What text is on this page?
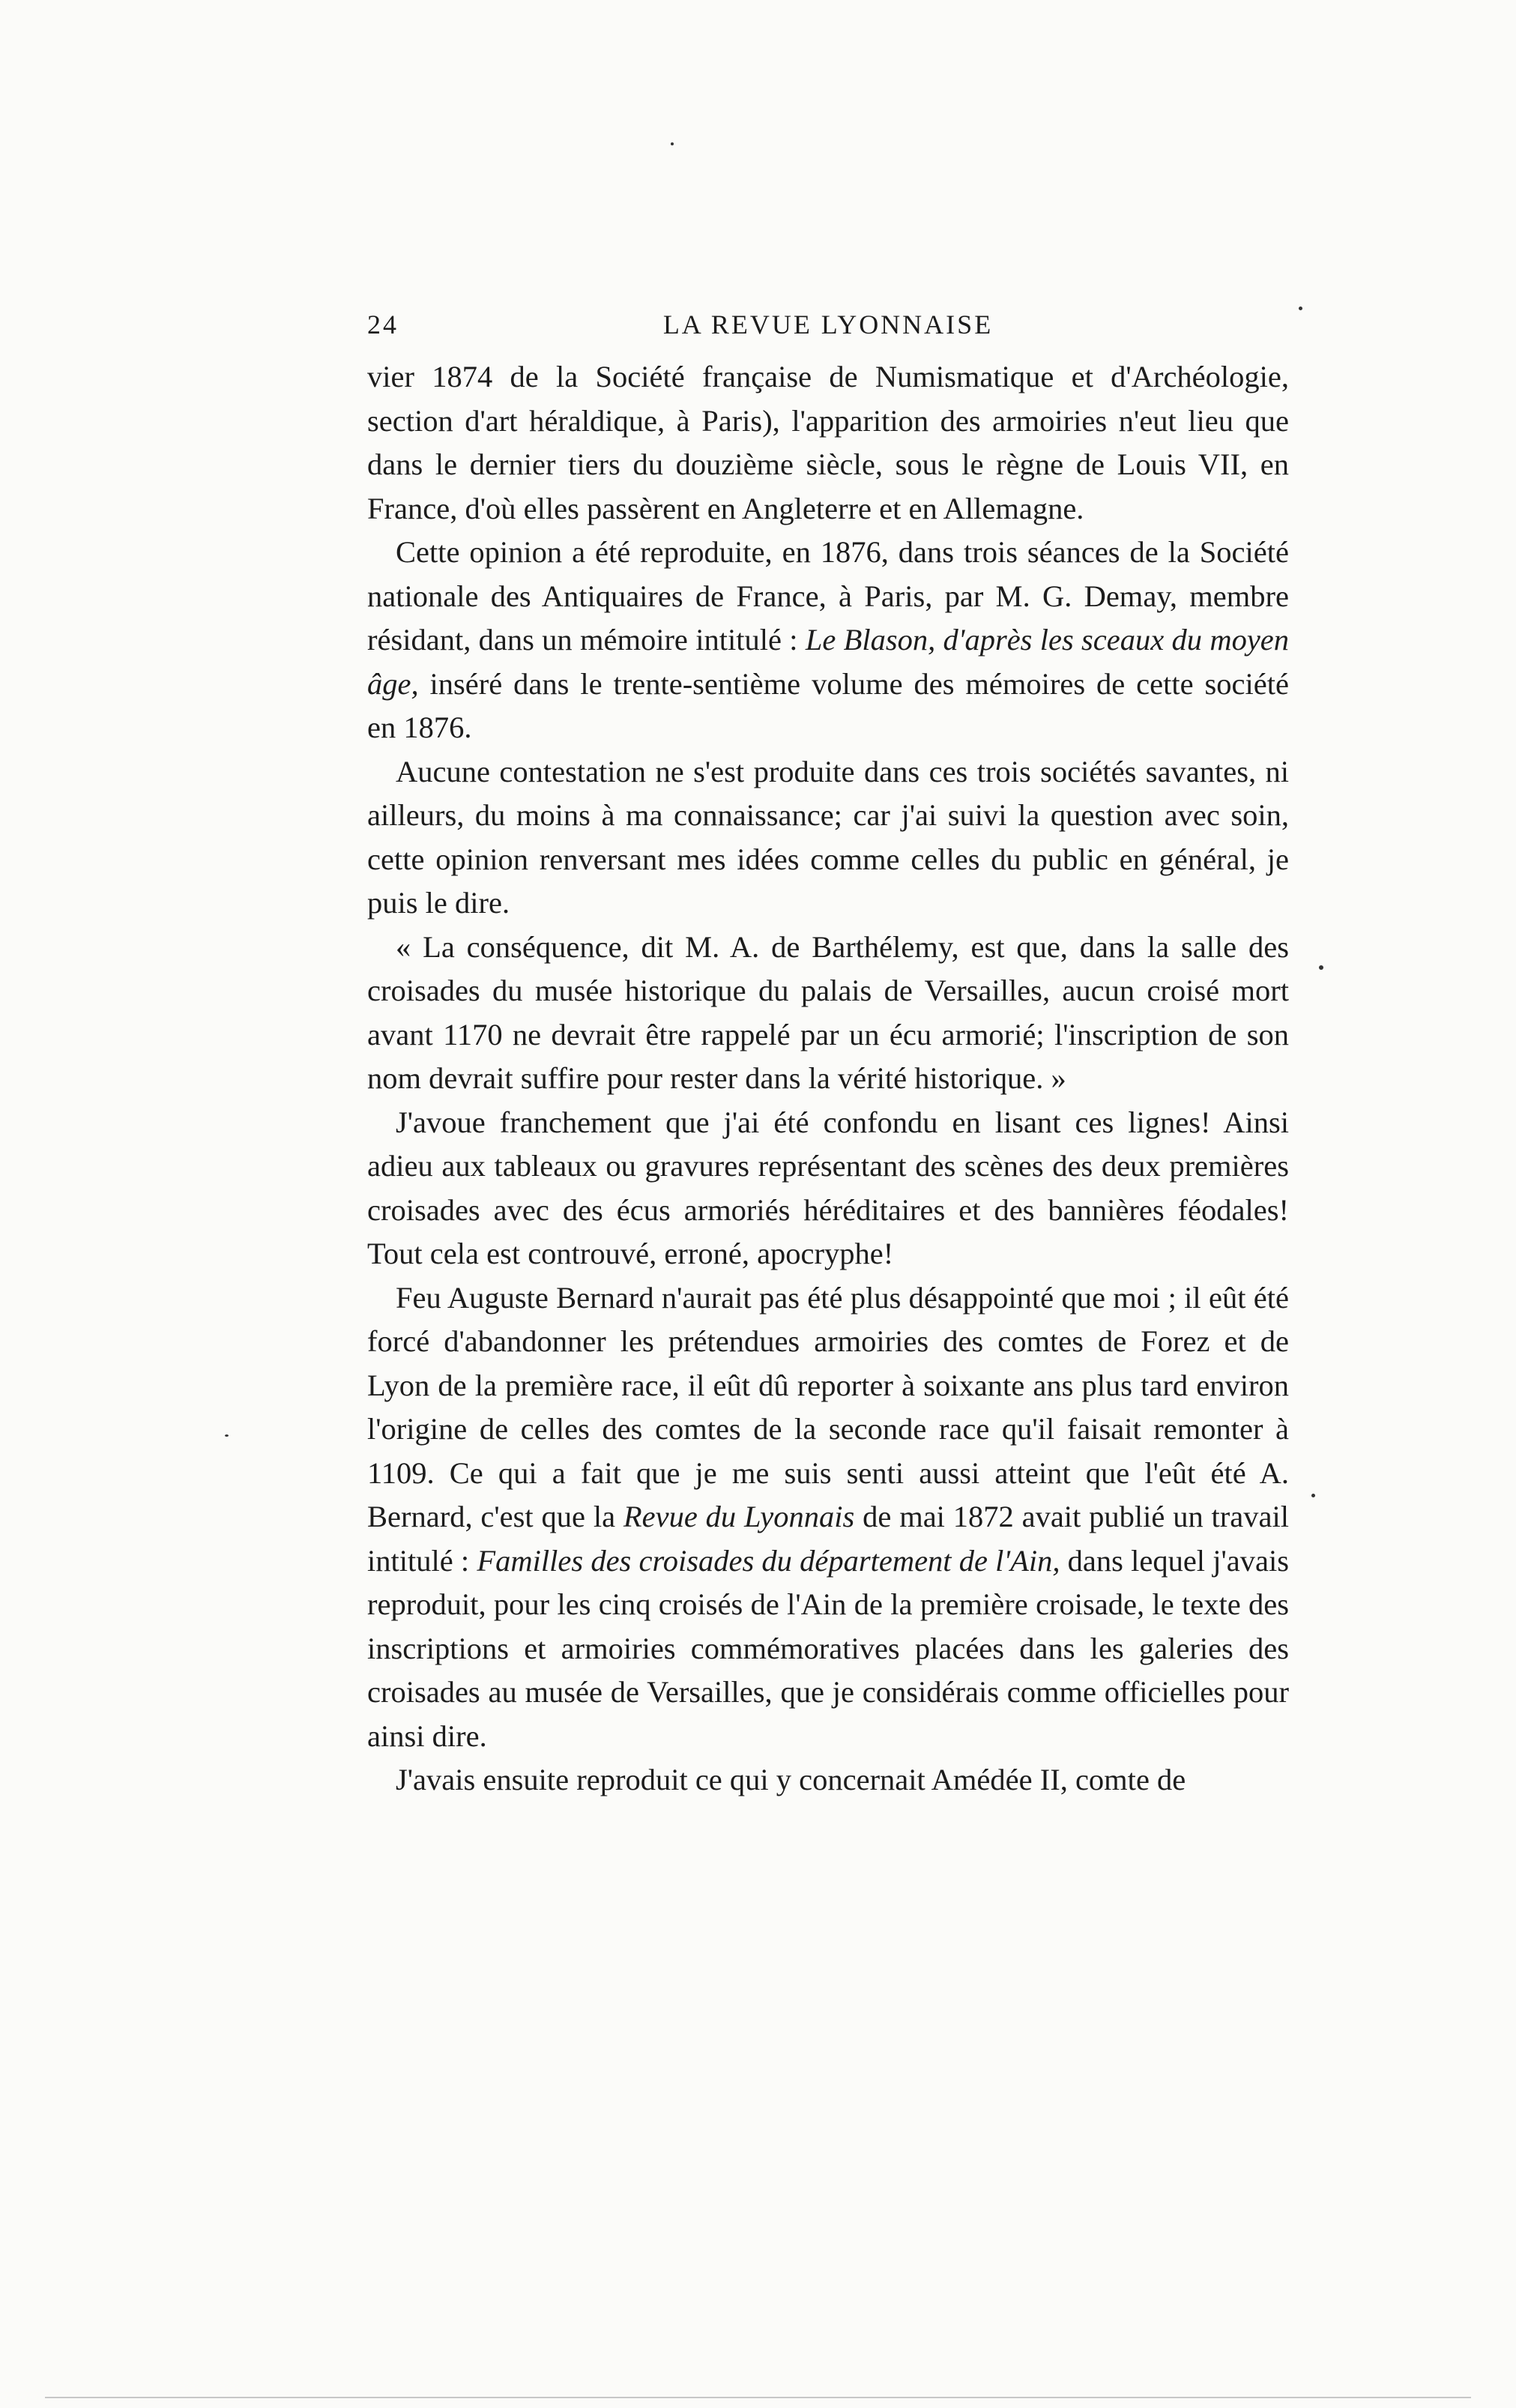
24	LA REVUE LYONNAISE

vier 1874 de la Société française de Numismatique et d'Archéologie, section d'art héraldique, à Paris), l'apparition des armoiries n'eut lieu que dans le dernier tiers du douzième siècle, sous le règne de Louis VII, en France, d'où elles passèrent en Angleterre et en Allemagne.

Cette opinion a été reproduite, en 1876, dans trois séances de la Société nationale des Antiquaires de France, à Paris, par M. G. Demay, membre résidant, dans un mémoire intitulé : Le Blason, d'après les sceaux du moyen âge, inséré dans le trente-sentième volume des mémoires de cette société en 1876.

Aucune contestation ne s'est produite dans ces trois sociétés savantes, ni ailleurs, du moins à ma connaissance; car j'ai suivi la question avec soin, cette opinion renversant mes idées comme celles du public en général, je puis le dire.

« La conséquence, dit M. A. de Barthélemy, est que, dans la salle des croisades du musée historique du palais de Versailles, aucun croisé mort avant 1170 ne devrait être rappelé par un écu armorié; l'inscription de son nom devrait suffire pour rester dans la vérité historique. »

J'avoue franchement que j'ai été confondu en lisant ces lignes! Ainsi adieu aux tableaux ou gravures représentant des scènes des deux premières croisades avec des écus armoriés héréditaires et des bannières féodales! Tout cela est controuvé, erroné, apocryphe!

Feu Auguste Bernard n'aurait pas été plus désappointé que moi ; il eût été forcé d'abandonner les prétendues armoiries des comtes de Forez et de Lyon de la première race, il eût dû reporter à soixante ans plus tard environ l'origine de celles des comtes de la seconde race qu'il faisait remonter à 1109. Ce qui a fait que je me suis senti aussi atteint que l'eût été A. Bernard, c'est que la Revue du Lyonnais de mai 1872 avait publié un travail intitulé : Familles des croisades du département de l'Ain, dans lequel j'avais reproduit, pour les cinq croisés de l'Ain de la première croisade, le texte des inscriptions et armoiries commémoratives placées dans les galeries des croisades au musée de Versailles, que je considérais comme officielles pour ainsi dire.

J'avais ensuite reproduit ce qui y concernait Amédée II, comte de
